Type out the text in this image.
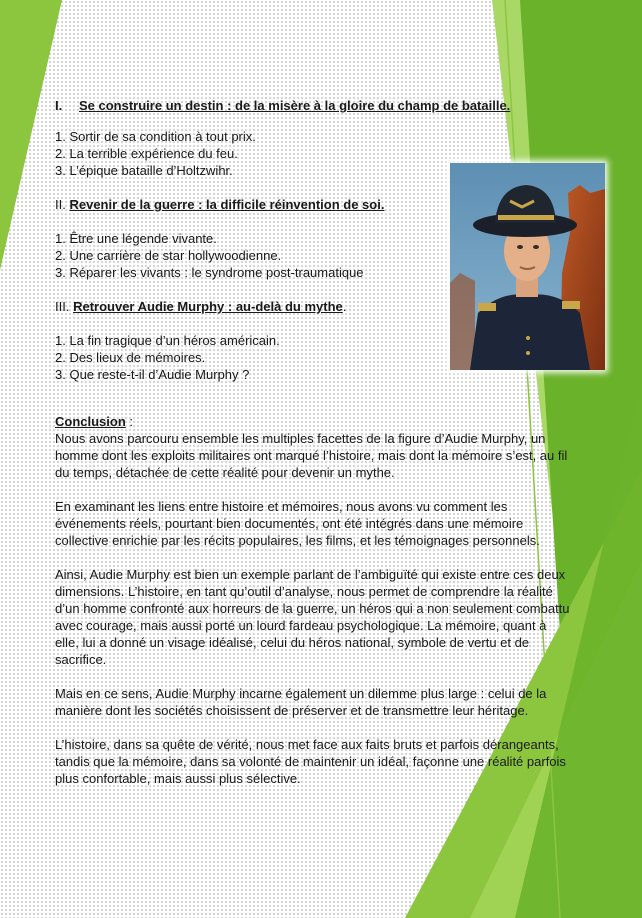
I. Se construire un destin : de la misère à la gloire du champ de bataille.

1. Sortir de sa condition à tout prix.
2. La terrible expérience du feu.
3. L’épique bataille d’Holtzwihr.

II. Revenir de la guerre : la difficile réinvention de soi.

1. Être une légende vivante.
2. Une carrière de star hollywoodienne.
3. Réparer les vivants : le syndrome post-traumatique

III. Retrouver Audie Murphy : au-delà du mythe.

1. La fin tragique d’un héros américain.
2. Des lieux de mémoires.
3. Que reste-t-il d’Audie Murphy ?

Conclusion :

Nous avons parcouru ensemble les multiples facettes de la figure d’Audie Murphy, un homme dont les exploits militaires ont marqué l’histoire, mais dont la mémoire s’est, au fil du temps, détachée de cette réalité pour devenir un mythe.

En examinant les liens entre histoire et mémoires, nous avons vu comment les événements réels, pourtant bien documentés, ont été intégrés dans une mémoire collective enrichie par les récits populaires, les films, et les témoignages personnels.

Ainsi, Audie Murphy est bien un exemple parlant de l’ambiguïté qui existe entre ces deux dimensions. L’histoire, en tant qu’outil d’analyse, nous permet de comprendre la réalité d’un homme confronté aux horreurs de la guerre, un héros qui a non seulement combattu avec courage, mais aussi porté un lourd fardeau psychologique. La mémoire, quant à elle, lui a donné un visage idéalisé, celui du héros national, symbole de vertu et de sacrifice.

Mais en ce sens, Audie Murphy incarne également un dilemme plus large : celui de la manière dont les sociétés choisissent de préserver et de transmettre leur héritage.

L’histoire, dans sa quête de vérité, nous met face aux faits bruts et parfois dérangeants, tandis que la mémoire, dans sa volonté de maintenir un idéal, façonne une réalité parfois plus confortable, mais aussi plus sélective.
